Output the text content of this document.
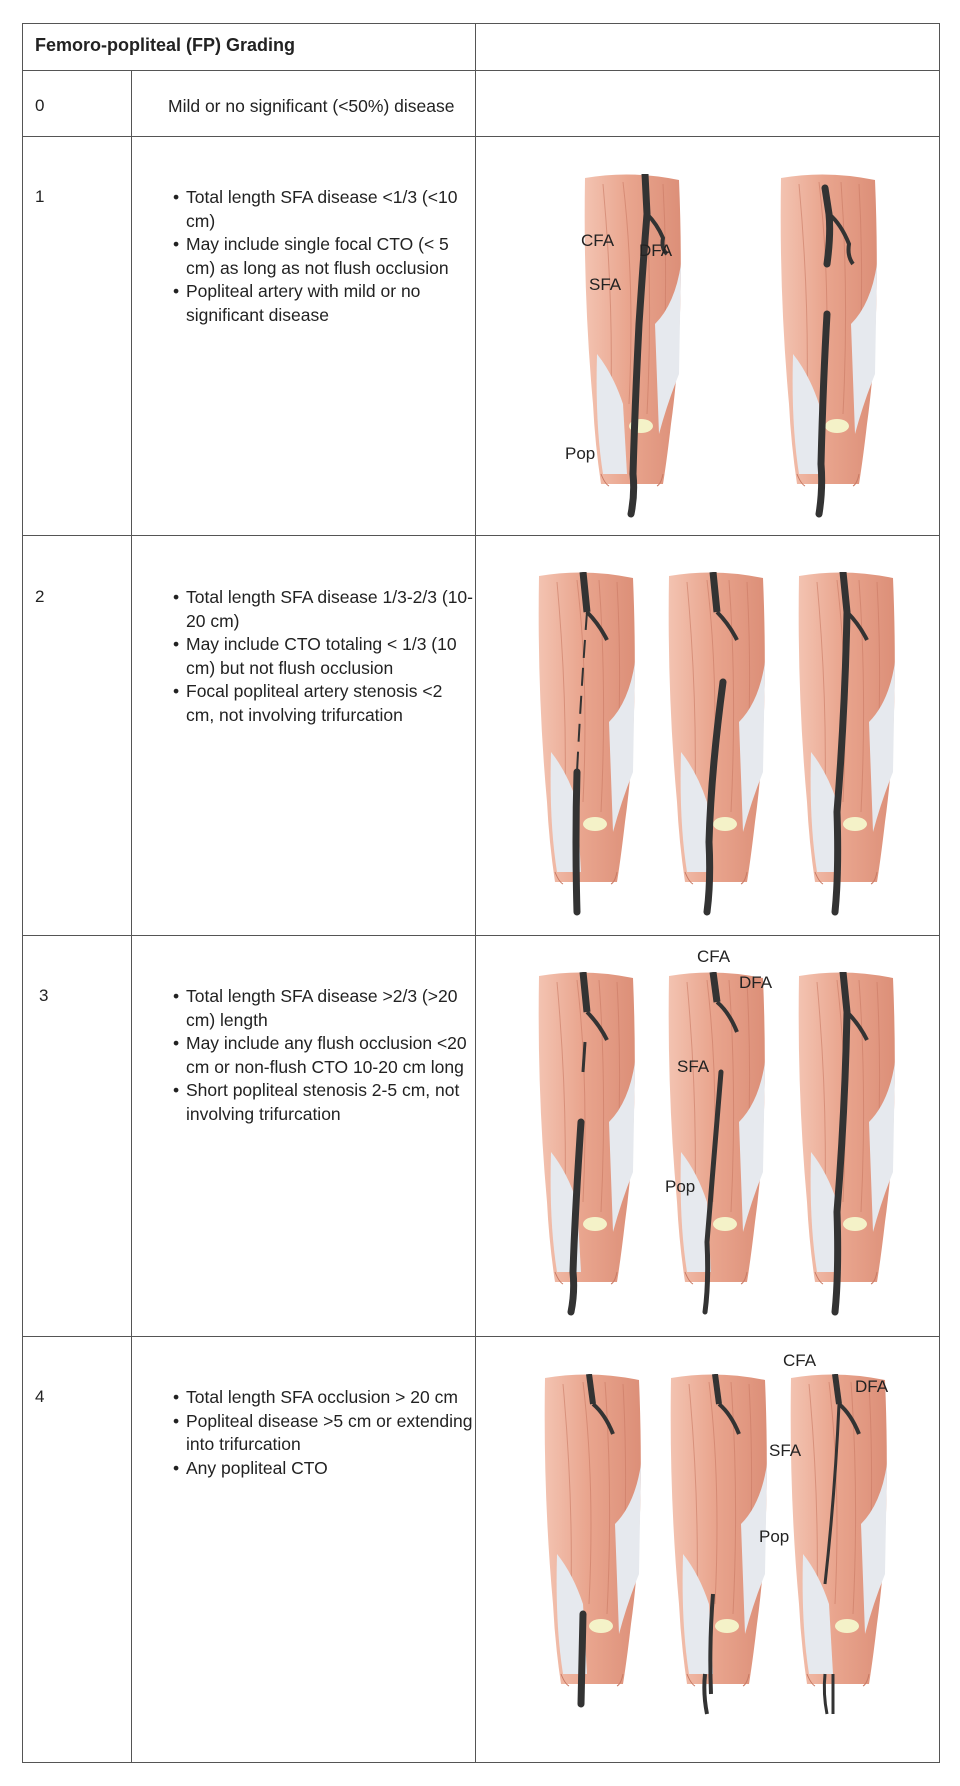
Femoro-popliteal (FP) Grading
0	Mild or no significant (<50%) disease
1	• Total length SFA disease <1/3 (<10 cm)
• May include single focal CTO (< 5 cm) as long as not flush occlusion
• Popliteal artery with mild or no significant disease
2	• Total length SFA disease 1/3-2/3 (10-20 cm)
• May include CTO totaling < 1/3 (10 cm) but not flush occlusion
• Focal popliteal artery stenosis <2 cm, not involving trifurcation
3	• Total length SFA disease >2/3 (>20 cm) length
• May include any flush occlusion <20 cm or non-flush CTO 10-20 cm long
• Short popliteal stenosis 2-5 cm, not involving trifurcation
4	• Total length SFA occlusion > 20 cm
• Popliteal disease >5 cm or extending into trifurcation
• Any popliteal CTO
CFA
DFA
SFA
Pop
CFA
DFA
SFA
Pop
CFA
DFA
SFA
Pop
